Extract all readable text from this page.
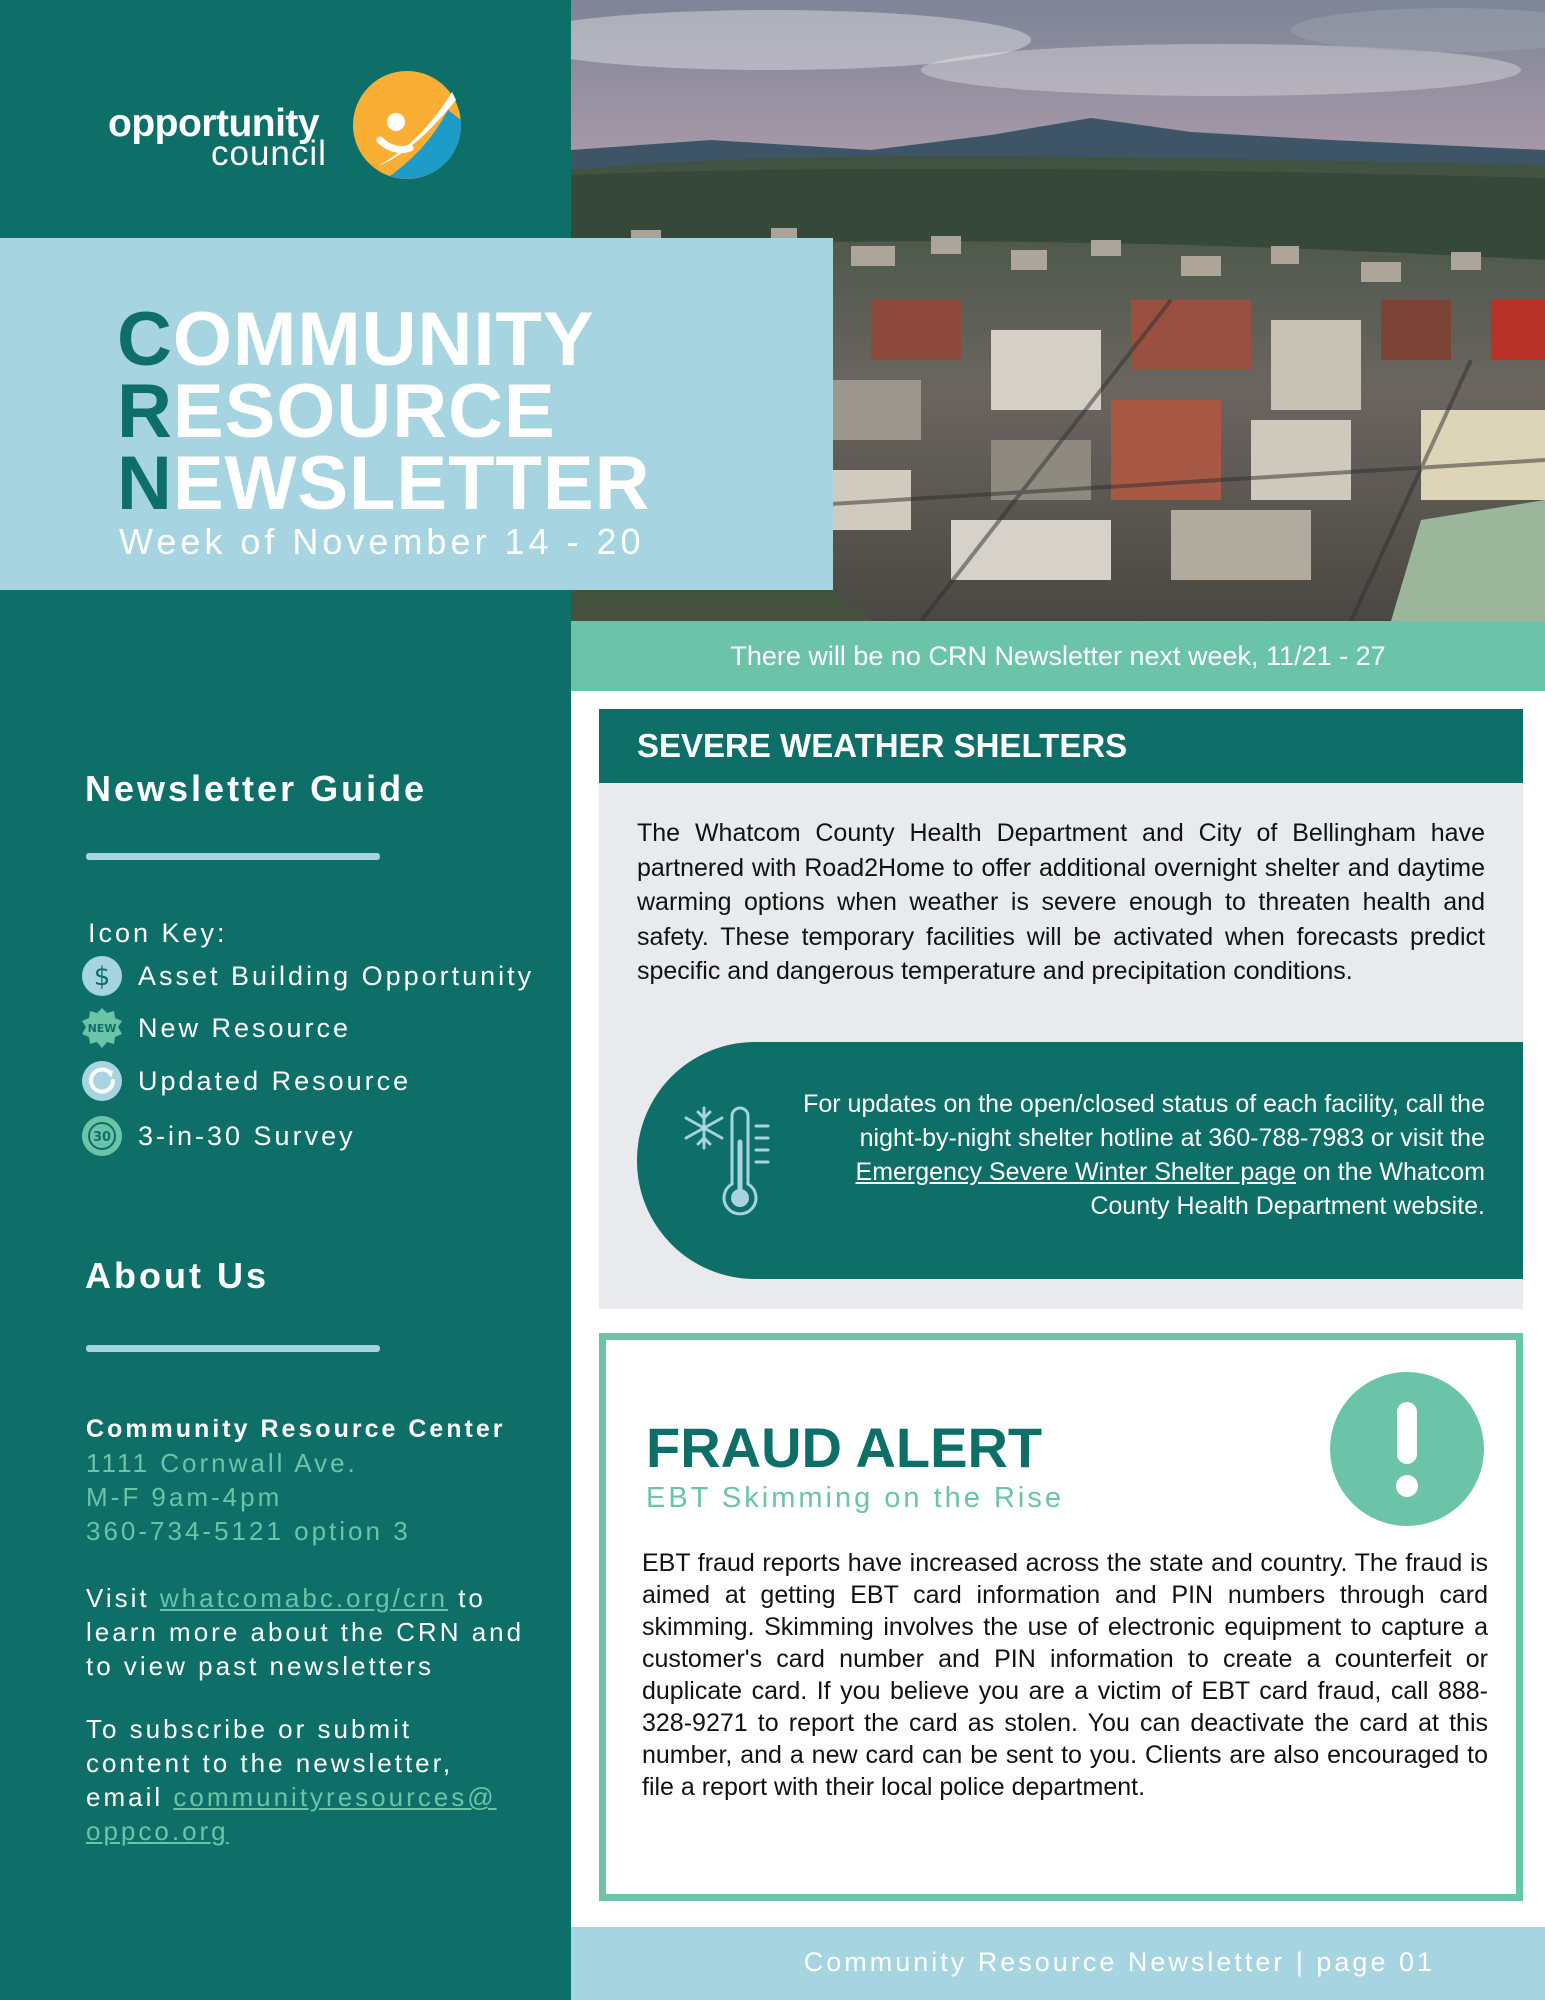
opportunity
council
COMMUNITY
RESOURCE
NEWSLETTER
Week of November 14 - 20
There will be no CRN Newsletter next week, 11/21 - 27
Newsletter Guide
Icon Key:
$ Asset Building Opportunity
NEW New Resource
Updated Resource
30 3-in-30 Survey
About Us
Community Resource Center
1111 Cornwall Ave.
M-F 9am-4pm
360-734-5121 option 3
Visit whatcomabc.org/crn to learn more about the CRN and to view past newsletters
To subscribe or submit content to the newsletter, email communityresources@ oppco.org
SEVERE WEATHER SHELTERS
The Whatcom County Health Department and City of Bellingham have partnered with Road2Home to offer additional overnight shelter and daytime warming options when weather is severe enough to threaten health and safety. These temporary facilities will be activated when forecasts predict specific and dangerous temperature and precipitation conditions.
For updates on the open/closed status of each facility, call the night-by-night shelter hotline at 360-788-7983 or visit the Emergency Severe Winter Shelter page on the Whatcom County Health Department website.
FRAUD ALERT
EBT Skimming on the Rise
EBT fraud reports have increased across the state and country. The fraud is aimed at getting EBT card information and PIN numbers through card skimming. Skimming involves the use of electronic equipment to capture a customer's card number and PIN information to create a counterfeit or duplicate card. If you believe you are a victim of EBT card fraud, call 888-328-9271 to report the card as stolen. You can deactivate the card at this number, and a new card can be sent to you. Clients are also encouraged to file a report with their local police department.
Community Resource Newsletter | page 01
